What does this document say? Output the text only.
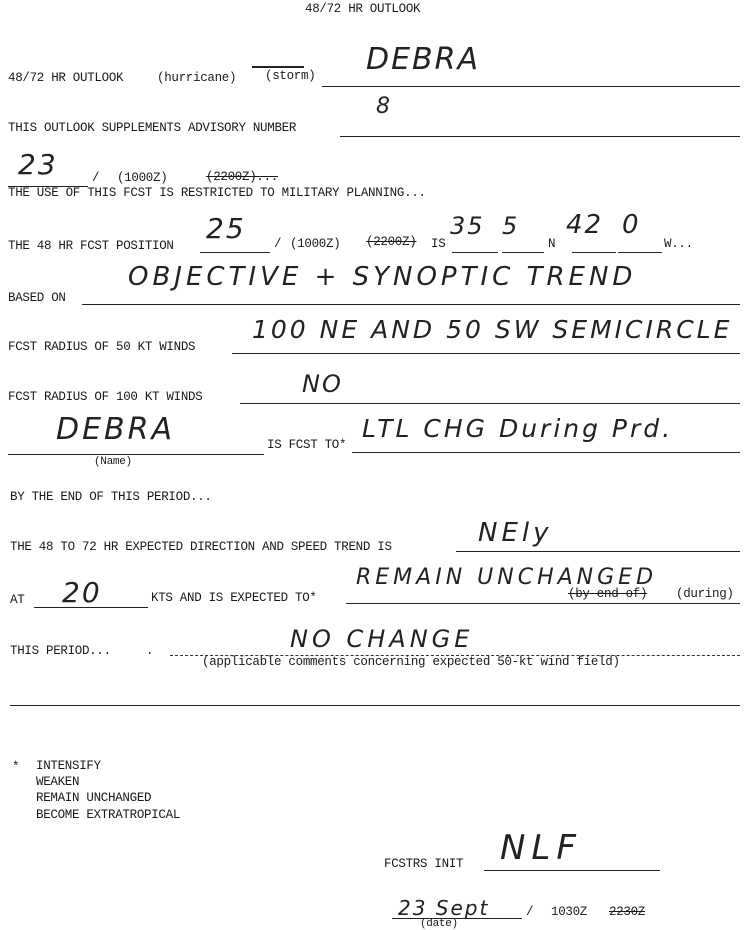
48/72 HR OUTLOOK
48/72 HR OUTLOOK	(hurricane) (storm) DEBRA
THIS OUTLOOK SUPPLEMENTS ADVISORY NUMBER
8
23	/ (1000Z)	(2200Z)...
THE USE OF THIS FCST IS RESTRICTED TO MILITARY PLANNING...
THE 48 HR FCST POSITION
25 / (1000Z) (2200Z) IS
35 5
N
42 0
W...
BASED ON
OBJECTIVE + SYNOPTIC TREND
FCST RADIUS OF 50 KT WINDS
100 NE AND 50 SW SEMICIRCLE
FCST RADIUS OF 100 KT WINDS	NO
DEBRA
(Name)
IS FCST TO*
LTL CHG During Prd.
BY THE END OF THIS PERIOD...
THE 48 TO 72 HR EXPECTED DIRECTION AND SPEED TREND IS	NEly
AT 20	KTS AND IS EXPECTED TO*
REMAIN UNCHANGED
(by end of) (during)
THIS PERIOD...	.	NO CHANGE
(applicable comments concerning expected 50-kt wind field)
* INTENSIFY
WEAKEN
REMAIN UNCHANGED
BECOME EXTRATROPICAL
FCSTRS INIT NLF
23 Sept	/ 1030Z 2230Z
(date)
